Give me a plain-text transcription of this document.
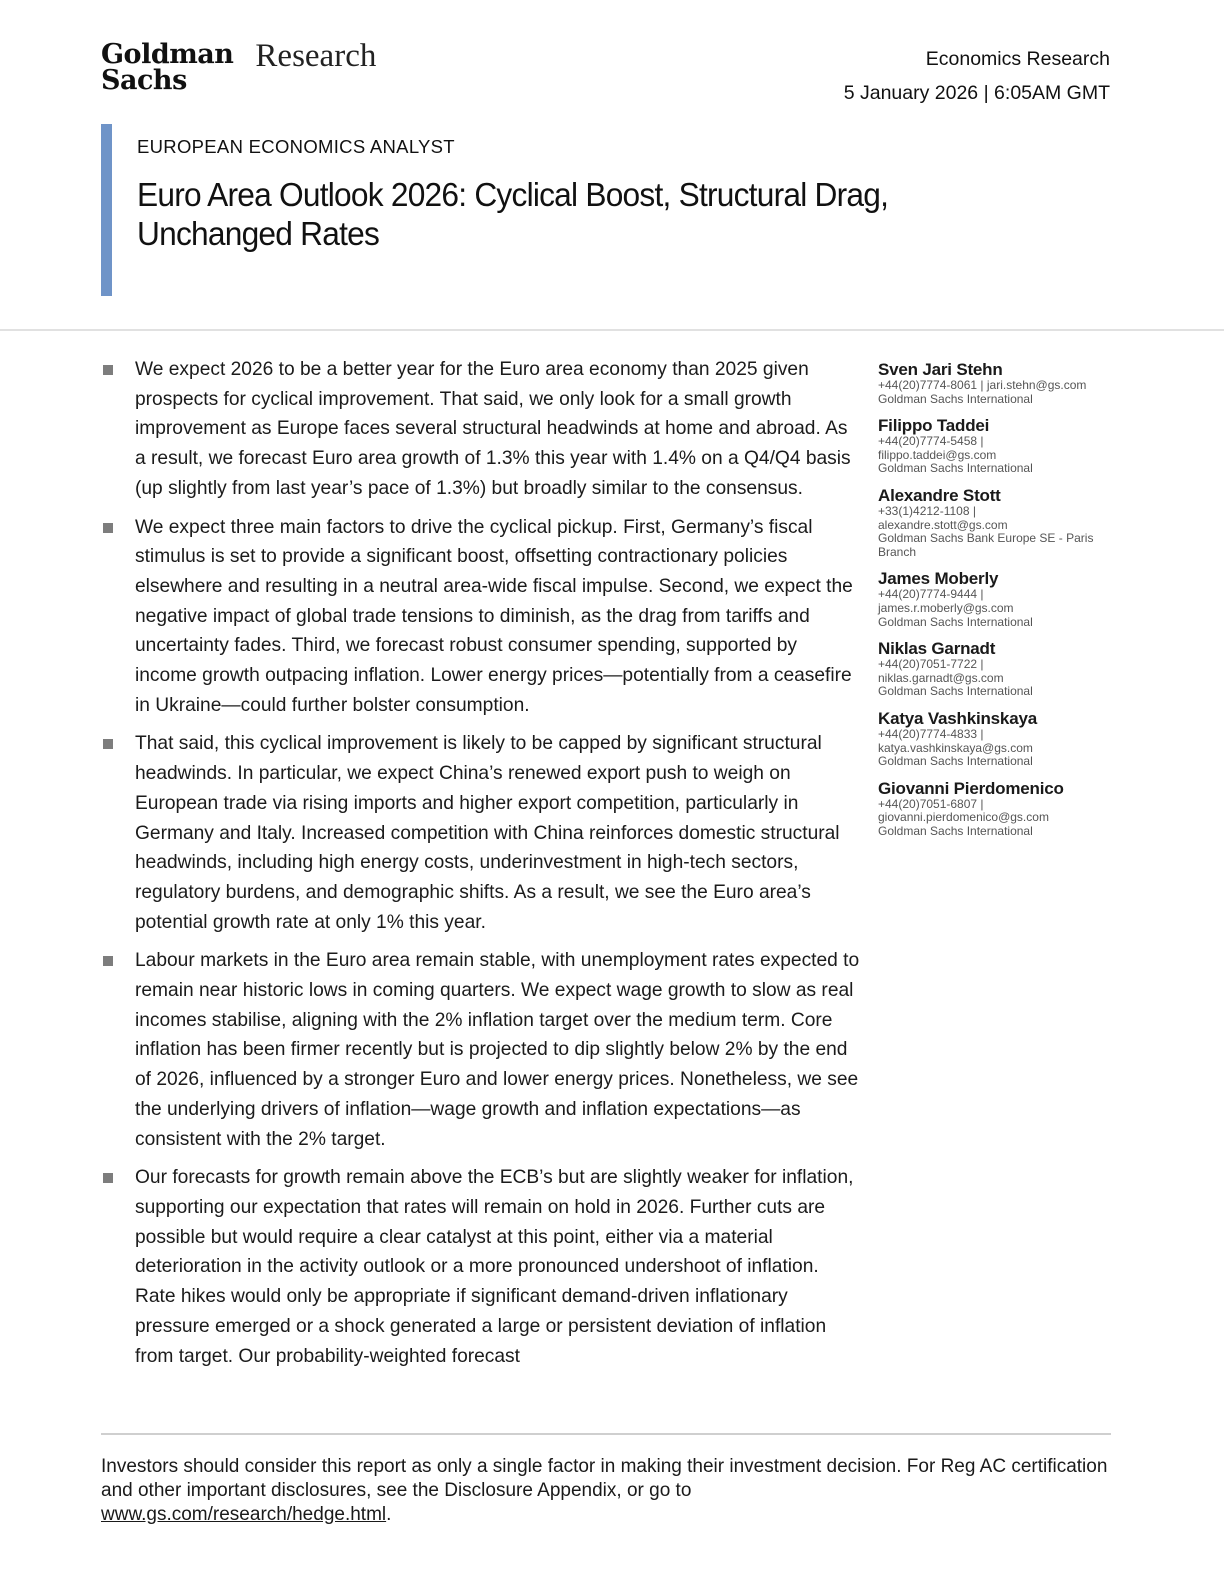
Goldman
Sachs
Research	Economics Research
5 January 2026 | 6:05AM GMT
EUROPEAN ECONOMICS ANALYST
Euro Area Outlook 2026: Cyclical Boost, Structural Drag, Unchanged Rates
We expect 2026 to be a better year for the Euro area economy than 2025 given prospects for cyclical improvement. That said, we only look for a small growth improvement as Europe faces several structural headwinds at home and abroad. As a result, we forecast Euro area growth of 1.3% this year with 1.4% on a Q4/Q4 basis (up slightly from last year’s pace of 1.3%) but broadly similar to the consensus.
We expect three main factors to drive the cyclical pickup. First, Germany’s fiscal stimulus is set to provide a significant boost, offsetting contractionary policies elsewhere and resulting in a neutral area-wide fiscal impulse. Second, we expect the negative impact of global trade tensions to diminish, as the drag from tariffs and uncertainty fades. Third, we forecast robust consumer spending, supported by income growth outpacing inflation. Lower energy prices—potentially from a ceasefire in Ukraine—could further bolster consumption.
That said, this cyclical improvement is likely to be capped by significant structural headwinds. In particular, we expect China’s renewed export push to weigh on European trade via rising imports and higher export competition, particularly in Germany and Italy. Increased competition with China reinforces domestic structural headwinds, including high energy costs, underinvestment in high-tech sectors, regulatory burdens, and demographic shifts. As a result, we see the Euro area’s potential growth rate at only 1% this year.
Labour markets in the Euro area remain stable, with unemployment rates expected to remain near historic lows in coming quarters. We expect wage growth to slow as real incomes stabilise, aligning with the 2% inflation target over the medium term. Core inflation has been firmer recently but is projected to dip slightly below 2% by the end of 2026, influenced by a stronger Euro and lower energy prices. Nonetheless, we see the underlying drivers of inflation—wage growth and inflation expectations—as consistent with the 2% target.
Our forecasts for growth remain above the ECB’s but are slightly weaker for inflation, supporting our expectation that rates will remain on hold in 2026. Further cuts are possible but would require a clear catalyst at this point, either via a material deterioration in the activity outlook or a more pronounced undershoot of inflation. Rate hikes would only be appropriate if significant demand-driven inflationary pressure emerged or a shock generated a large or persistent deviation of inflation from target. Our probability-weighted forecast
Sven Jari Stehn
+44(20)7774-8061 | jari.stehn@gs.com
Goldman Sachs International
Filippo Taddei
+44(20)7774-5458 |
filippo.taddei@gs.com
Goldman Sachs International
Alexandre Stott
+33(1)4212-1108 |
alexandre.stott@gs.com
Goldman Sachs Bank Europe SE - Paris
Branch
James Moberly
+44(20)7774-9444 |
james.r.moberly@gs.com
Goldman Sachs International
Niklas Garnadt
+44(20)7051-7722 |
niklas.garnadt@gs.com
Goldman Sachs International
Katya Vashkinskaya
+44(20)7774-4833 |
katya.vashkinskaya@gs.com
Goldman Sachs International
Giovanni Pierdomenico
+44(20)7051-6807 |
giovanni.pierdomenico@gs.com
Goldman Sachs International
Investors should consider this report as only a single factor in making their investment decision. For Reg AC certification and other important disclosures, see the Disclosure Appendix, or go to
www.gs.com/research/hedge.html.
